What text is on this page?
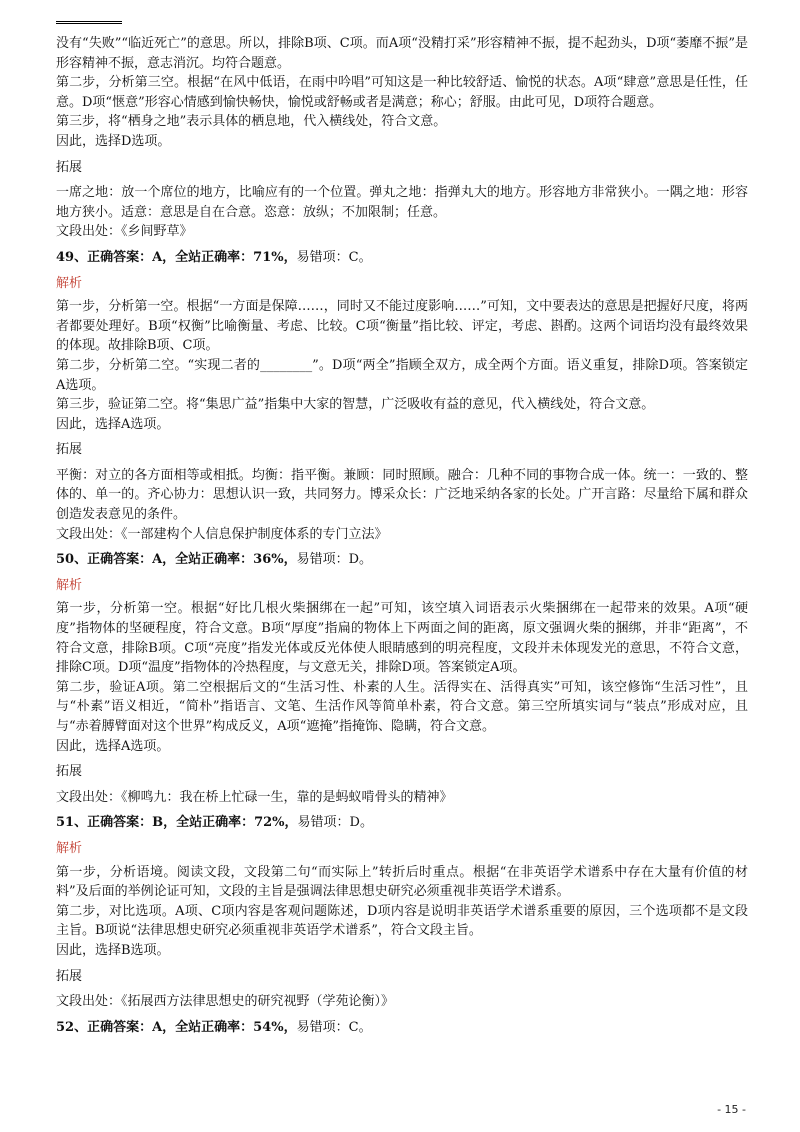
没有“失败”“临近死亡”的意思。所以，排除B项、C项。而A项“没精打采”形容精神不振，提不起劲头，D项“萎靡不振”是形容精神不振，意志消沉。均符合题意。
第二步，分析第三空。根据“在风中低语，在雨中吟唱”可知这是一种比较舒适、愉悦的状态。A项“肆意”意思是任性，任意。D项“惬意”形容心情感到愉快畅快，愉悦或舒畅或者是满意；称心；舒服。由此可见，D项符合题意。
第三步，将“栖身之地”表示具体的栖息地，代入横线处，符合文意。
因此，选择D选项。
拓展
一席之地：放一个席位的地方，比喻应有的一个位置。弹丸之地：指弹丸大的地方。形容地方非常狭小。一隅之地：形容地方狭小。适意：意思是自在合意。恣意：放纵；不加限制；任意。
文段出处：《乡间野草》
49、正确答案：A，全站正确率：71%，易错项：C。
解析
第一步，分析第一空。根据“一方面是保障……，同时又不能过度影响……”可知，文中要表达的意思是把握好尺度，将两者都要处理好。B项“权衡”比喻衡量、考虑、比较。C项“衡量”指比较、评定，考虑、斟酌。这两个词语均没有最终效果的体现。故排除B项、C项。
第二步，分析第二空。“实现二者的________”。D项“两全”指顾全双方，成全两个方面。语义重复，排除D项。答案锁定A选项。
第三步，验证第二空。将“集思广益”指集中大家的智慧，广泛吸收有益的意见，代入横线处，符合文意。
因此，选择A选项。
拓展
平衡：对立的各方面相等或相抵。均衡：指平衡。兼顾：同时照顾。融合：几种不同的事物合成一体。统一：一致的、整体的、单一的。齐心协力：思想认识一致，共同努力。博采众长：广泛地采纳各家的长处。广开言路：尽量给下属和群众创造发表意见的条件。
文段出处：《一部建构个人信息保护制度体系的专门立法》
50、正确答案：A，全站正确率：36%，易错项：D。
解析
第一步，分析第一空。根据“好比几根火柴捆绑在一起”可知，该空填入词语表示火柴捆绑在一起带来的效果。A项“硬度”指物体的坚硬程度，符合文意。B项“厚度”指扁的物体上下两面之间的距离，原文强调火柴的捆绑，并非“距离”，不符合文意，排除B项。C项“亮度”指发光体或反光体使人眼睛感到的明亮程度，文段并未体现发光的意思，不符合文意，排除C项。D项“温度”指物体的冷热程度，与文意无关，排除D项。答案锁定A项。
第二步，验证A项。第二空根据后文的“生活习性、朴素的人生。活得实在、活得真实”可知，该空修饰“生活习性”，且与“朴素”语义相近，“简朴”指语言、文笔、生活作风等简单朴素，符合文意。第三空所填实词与“装点”形成对应，且与“赤着膊臂面对这个世界”构成反义，A项“遮掩”指掩饰、隐瞒，符合文意。
因此，选择A选项。
拓展
文段出处：《柳鸣九：我在桥上忙碌一生，靠的是蚂蚁啃骨头的精神》
51、正确答案：B，全站正确率：72%，易错项：D。
解析
第一步，分析语境。阅读文段，文段第二句“而实际上”转折后时重点。根据“在非英语学术谱系中存在大量有价值的材料”及后面的举例论证可知，文段的主旨是强调法律思想史研究必须重视非英语学术谱系。
第二步，对比选项。A项、C项内容是客观问题陈述，D项内容是说明非英语学术谱系重要的原因，三个选项都不是文段主旨。B项说“法律思想史研究必须重视非英语学术谱系”，符合文段主旨。
因此，选择B选项。
拓展
文段出处：《拓展西方法律思想史的研究视野（学苑论衡）》
52、正确答案：A，全站正确率：54%，易错项：C。
- 15 -
